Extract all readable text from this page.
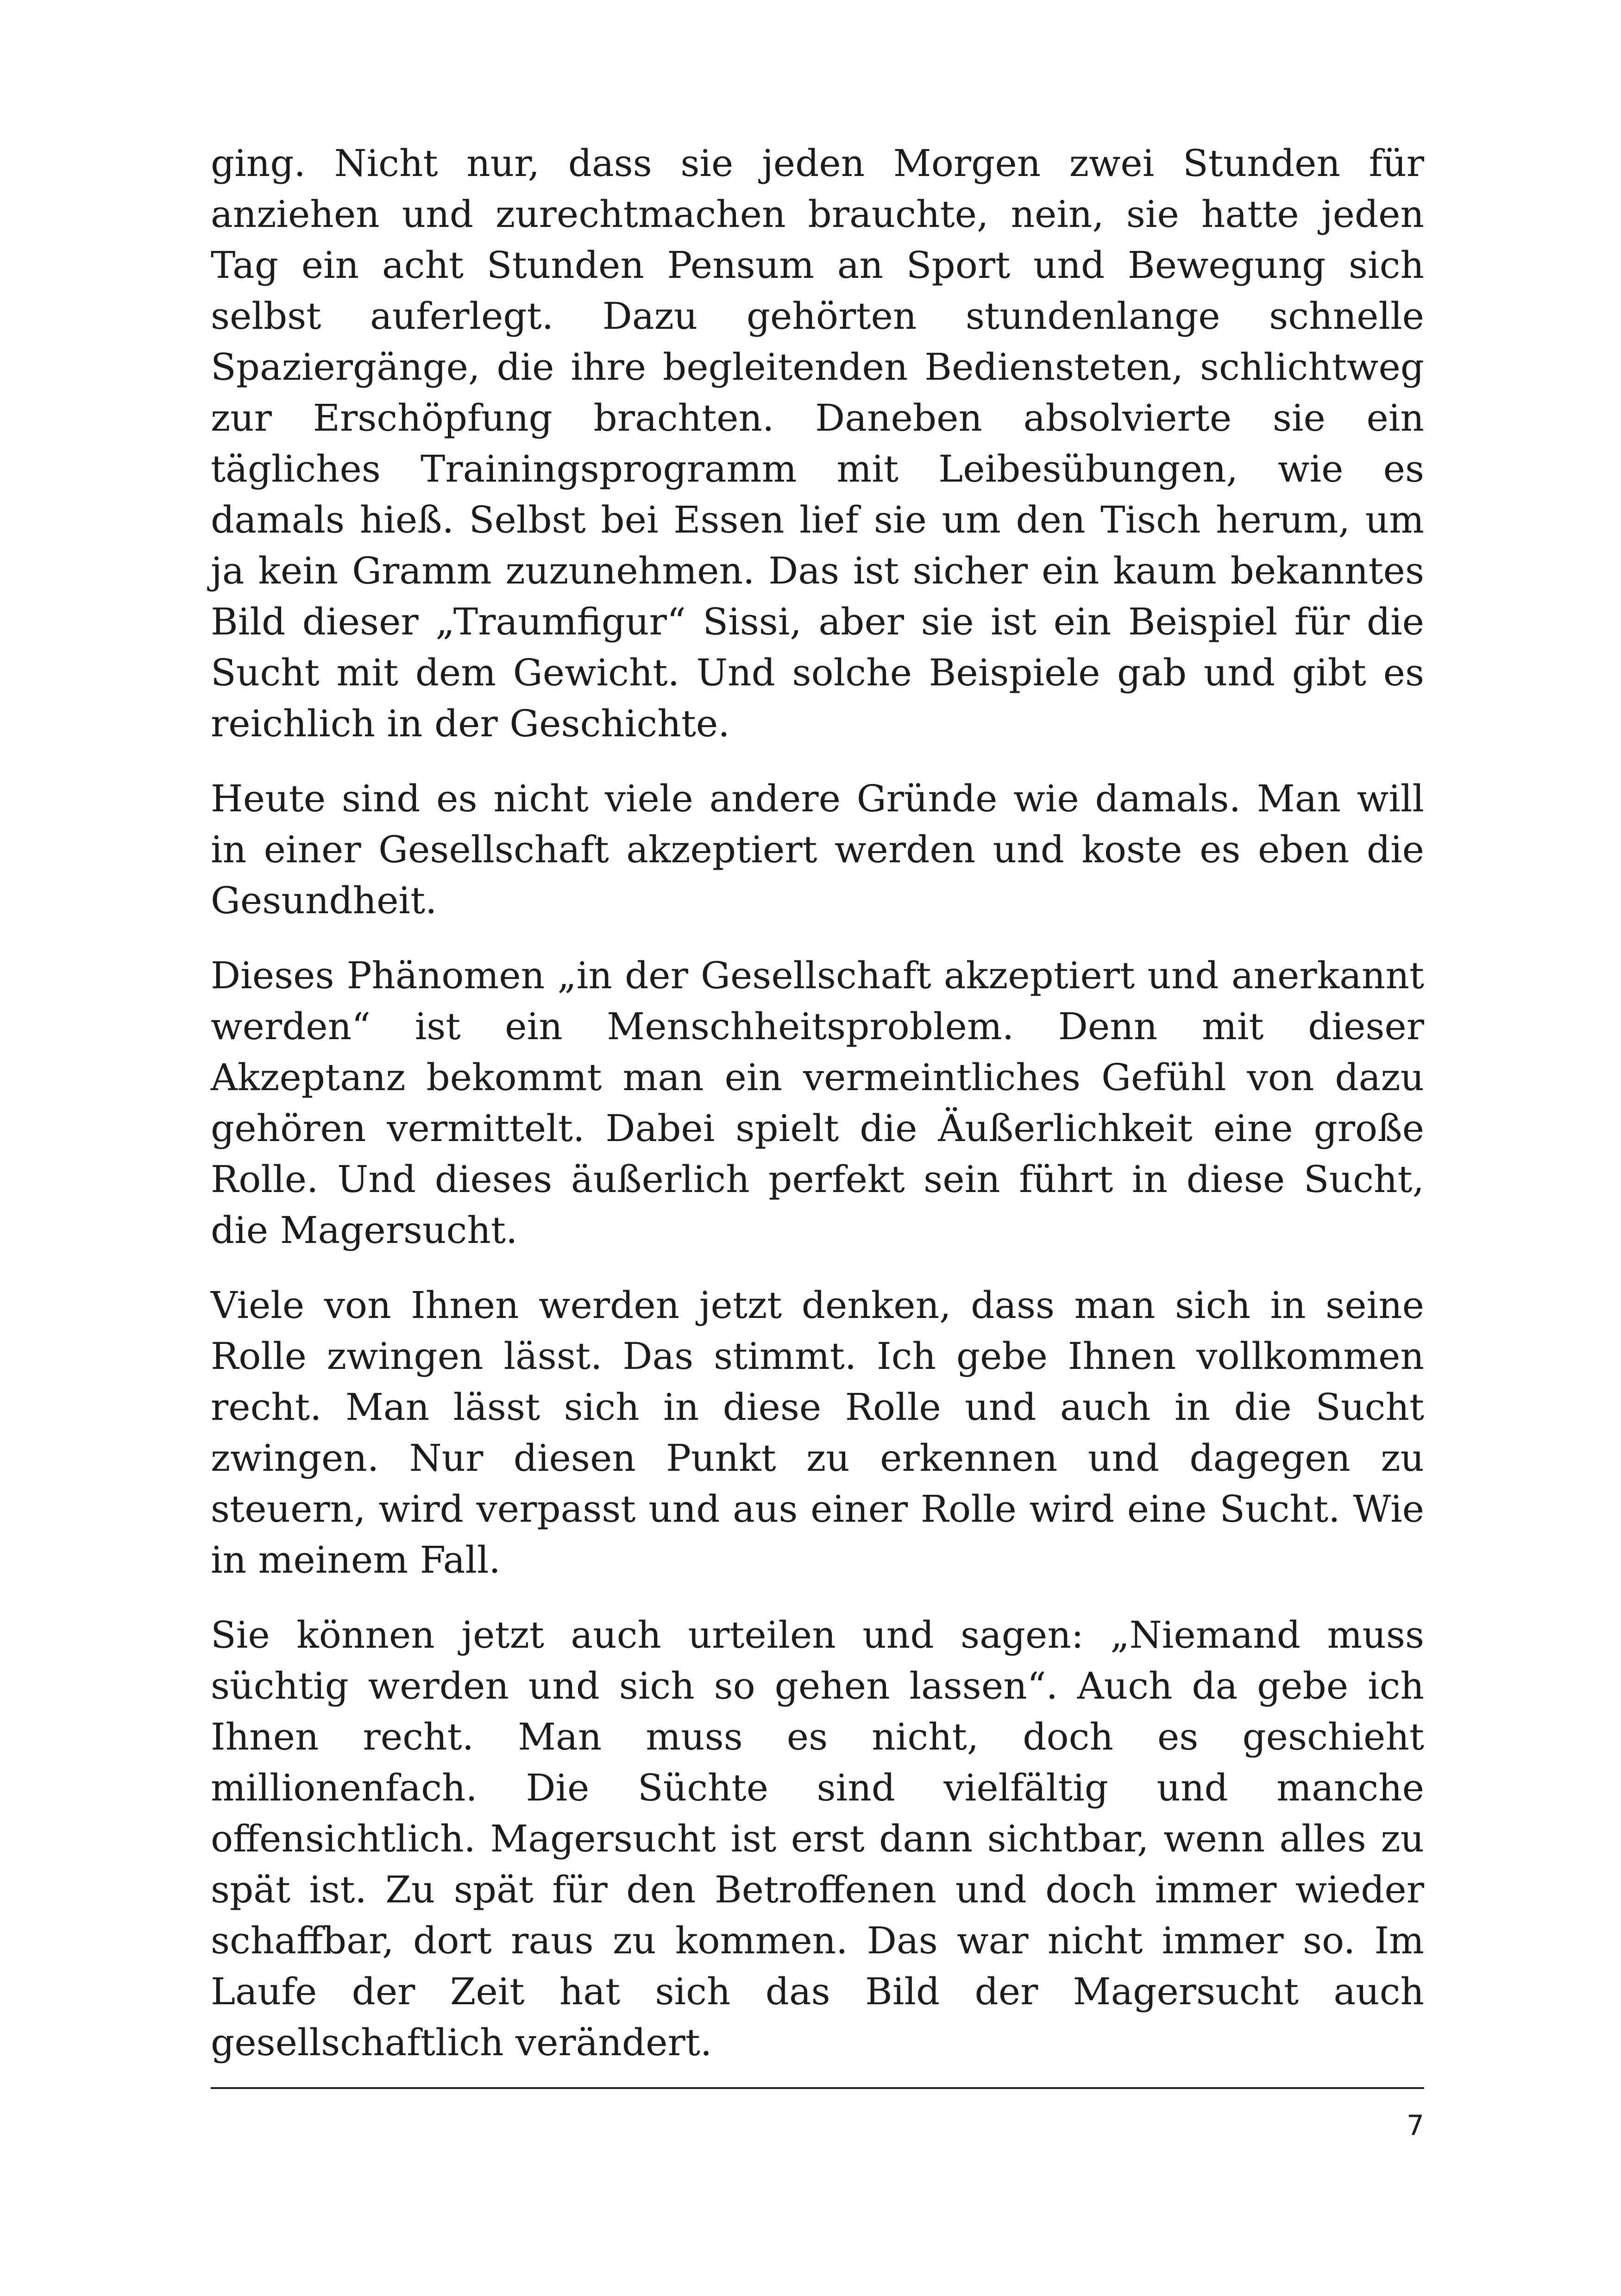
ging. Nicht nur, dass sie jeden Morgen zwei Stunden für anziehen und zurechtmachen brauchte, nein, sie hatte jeden Tag ein acht Stunden Pensum an Sport und Bewegung sich selbst auferlegt. Dazu gehörten stundenlange schnelle Spaziergänge, die ihre begleitenden Bediensteten, schlichtweg zur Erschöpfung brachten. Daneben absolvierte sie ein tägliches Trainingsprogramm mit Leibesübungen, wie es damals hieß. Selbst bei Essen lief sie um den Tisch herum, um ja kein Gramm zuzunehmen. Das ist sicher ein kaum bekanntes Bild dieser „Traumfigur“ Sissi, aber sie ist ein Beispiel für die Sucht mit dem Gewicht. Und solche Beispiele gab und gibt es reichlich in der Geschichte.

Heute sind es nicht viele andere Gründe wie damals. Man will in einer Gesellschaft akzeptiert werden und koste es eben die Gesundheit.

Dieses Phänomen „in der Gesellschaft akzeptiert und anerkannt werden“ ist ein Menschheitsproblem. Denn mit dieser Akzeptanz bekommt man ein vermeintliches Gefühl von dazu gehören vermittelt. Dabei spielt die Äußerlichkeit eine große Rolle. Und dieses äußerlich perfekt sein führt in diese Sucht, die Magersucht.

Viele von Ihnen werden jetzt denken, dass man sich in seine Rolle zwingen lässt. Das stimmt. Ich gebe Ihnen vollkommen recht. Man lässt sich in diese Rolle und auch in die Sucht zwingen. Nur diesen Punkt zu erkennen und dagegen zu steuern, wird verpasst und aus einer Rolle wird eine Sucht. Wie in meinem Fall.

Sie können jetzt auch urteilen und sagen: „Niemand muss süchtig werden und sich so gehen lassen“. Auch da gebe ich Ihnen recht. Man muss es nicht, doch es geschieht millionenfach. Die Süchte sind vielfältig und manche offensichtlich. Magersucht ist erst dann sichtbar, wenn alles zu spät ist. Zu spät für den Betroffenen und doch immer wieder schaffbar, dort raus zu kommen. Das war nicht immer so. Im Laufe der Zeit hat sich das Bild der Magersucht auch gesellschaftlich verändert.

7
